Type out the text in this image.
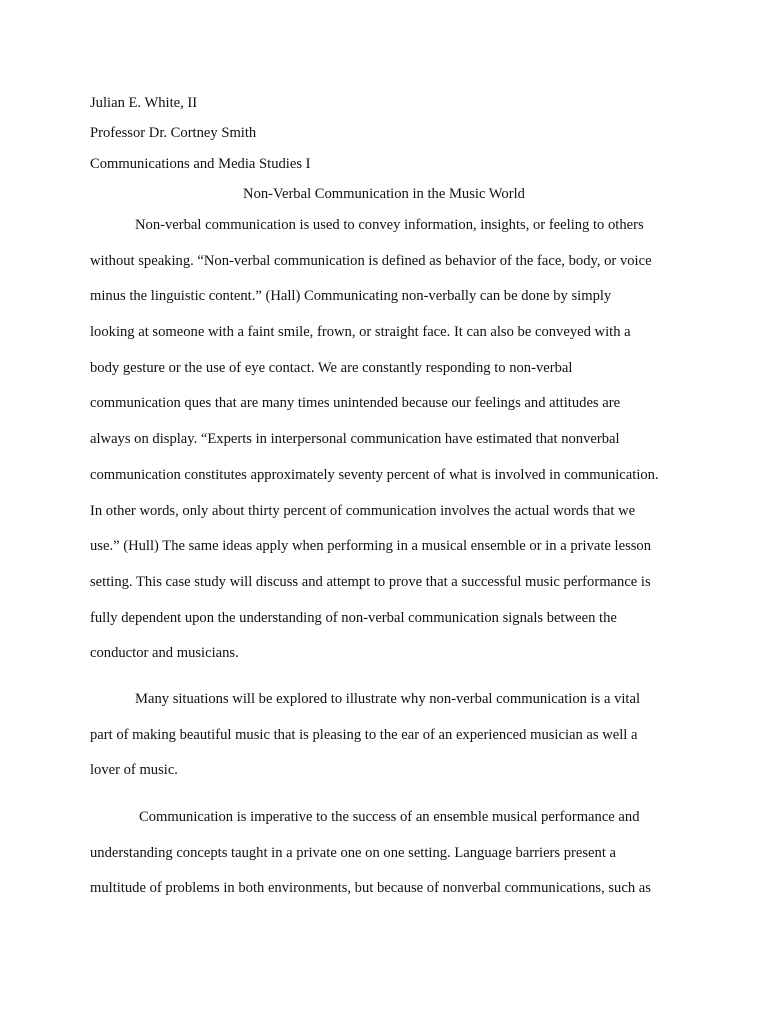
Julian E. White, II
Professor Dr. Cortney Smith
Communications and Media Studies I
Non-Verbal Communication in the Music World
Non-verbal communication is used to convey information, insights, or feeling to others
without speaking. “Non-verbal communication is defined as behavior of the face, body, or voice
minus the linguistic content.” (Hall) Communicating non-verbally can be done by simply
looking at someone with a faint smile, frown, or straight face. It can also be conveyed with a
body gesture or the use of eye contact. We are constantly responding to non-verbal
communication ques that are many times unintended because our feelings and attitudes are
always on display. “Experts in interpersonal communication have estimated that nonverbal
communication constitutes approximately seventy percent of what is involved in communication.
In other words, only about thirty percent of communication involves the actual words that we
use.” (Hull) The same ideas apply when performing in a musical ensemble or in a private lesson
setting. This case study will discuss and attempt to prove that a successful music performance is
fully dependent upon the understanding of non-verbal communication signals between the
conductor and musicians.
Many situations will be explored to illustrate why non-verbal communication is a vital
part of making beautiful music that is pleasing to the ear of an experienced musician as well a
lover of music.
Communication is imperative to the success of an ensemble musical performance and
understanding concepts taught in a private one on one setting. Language barriers present a
multitude of problems in both environments, but because of nonverbal communications, such as
